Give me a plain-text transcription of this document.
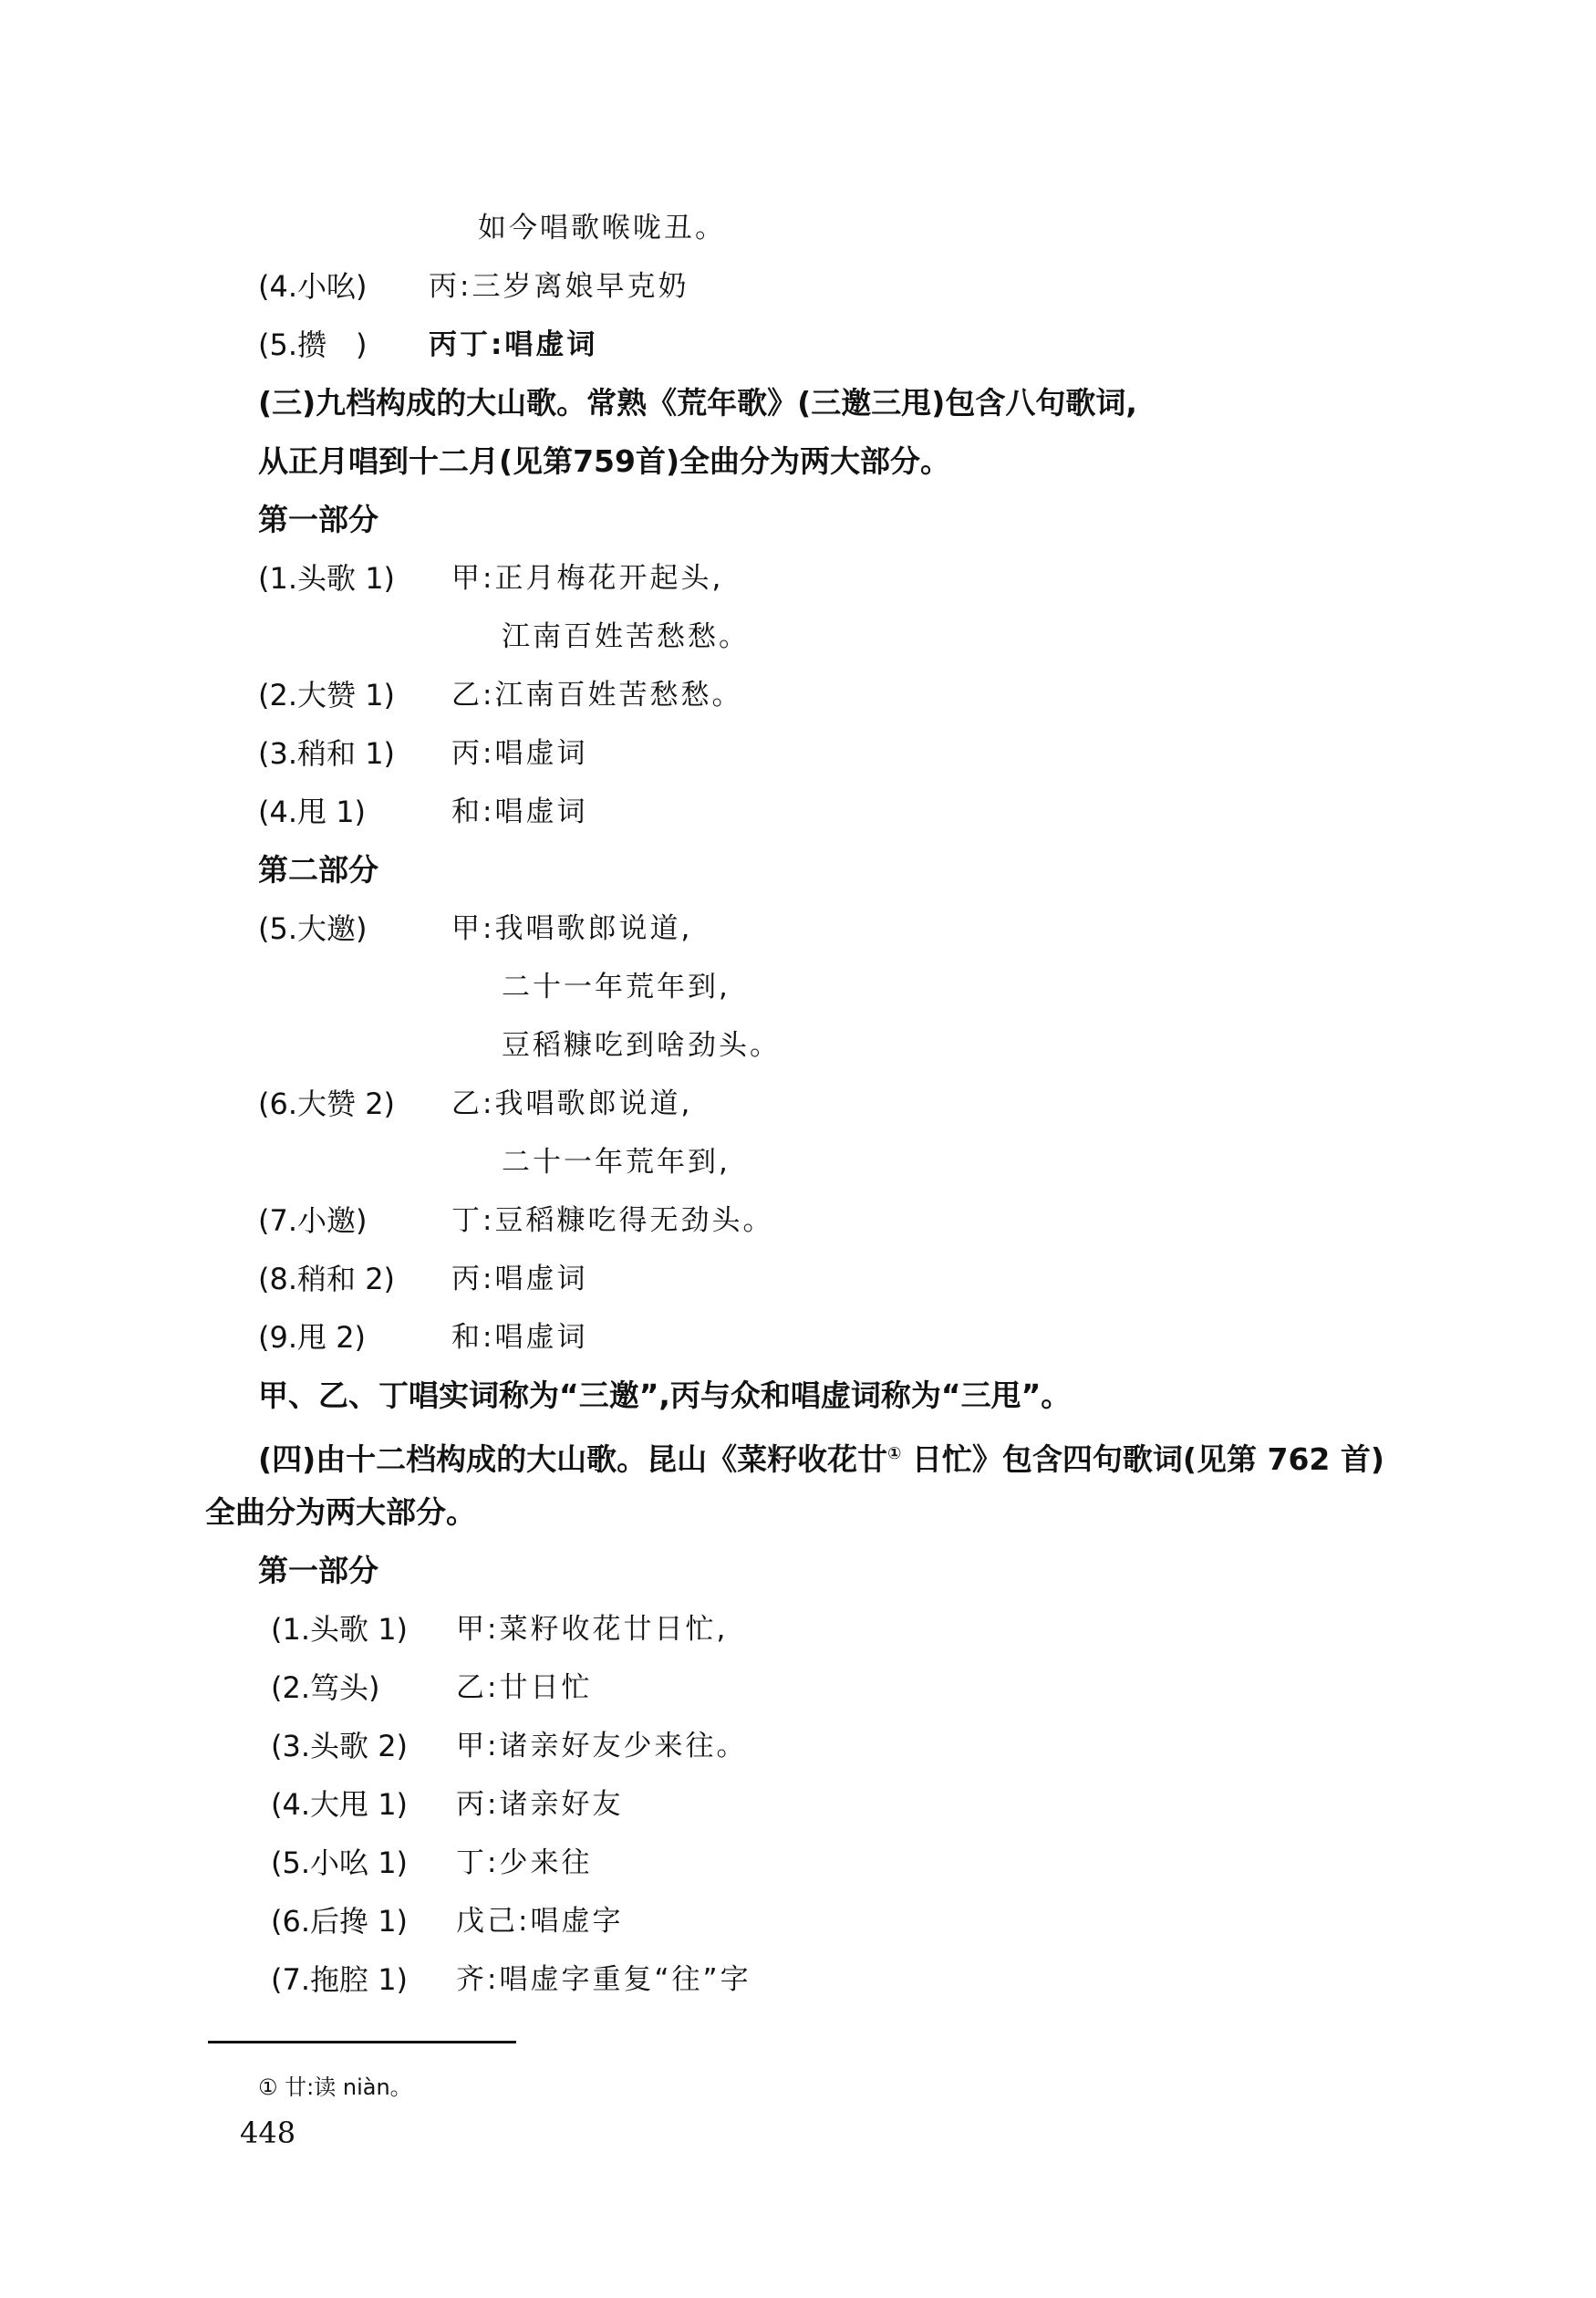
如今唱歌喉咙丑。
(4.小吆) 丙:三岁离娘早克奶
(5.攒　) 丙丁:唱虚词
(三)九档构成的大山歌。常熟《荒年歌》(三邀三甩)包含八句歌词,
从正月唱到十二月(见第759首)全曲分为两大部分。
第一部分
(1.头歌 1) 甲:正月梅花开起头,
江南百姓苦愁愁。
(2.大赞 1) 乙:江南百姓苦愁愁。
(3.稍和 1) 丙:唱虚词
(4.甩 1)	和:唱虚词
第二部分
(5.大邀)	甲:我唱歌郎说道,
二十一年荒年到,
豆稻糠吃到啥劲头。
(6.大赞 2) 乙:我唱歌郎说道,
二十一年荒年到,
(7.小邀)	丁:豆稻糠吃得无劲头。
(8.稍和 2) 丙:唱虚词
(9.甩 2)	和:唱虚词
甲、乙、丁唱实词称为“三邀”,丙与众和唱虚词称为“三甩”。
(四)由十二档构成的大山歌。昆山《菜籽收花廿① 日忙》包含四句歌词(见第 762 首)
全曲分为两大部分。
第一部分
(1.头歌 1) 甲:菜籽收花廿日忙,
(2.笃头)	乙:廿日忙
(3.头歌 2) 甲:诸亲好友少来往。
(4.大甩 1) 丙:诸亲好友
(5.小吆 1) 丁:少来往
(6.后搀 1) 戊己:唱虚字
(7.拖腔 1) 齐:唱虚字重复“往”字
① 廿:读 niàn。
448
